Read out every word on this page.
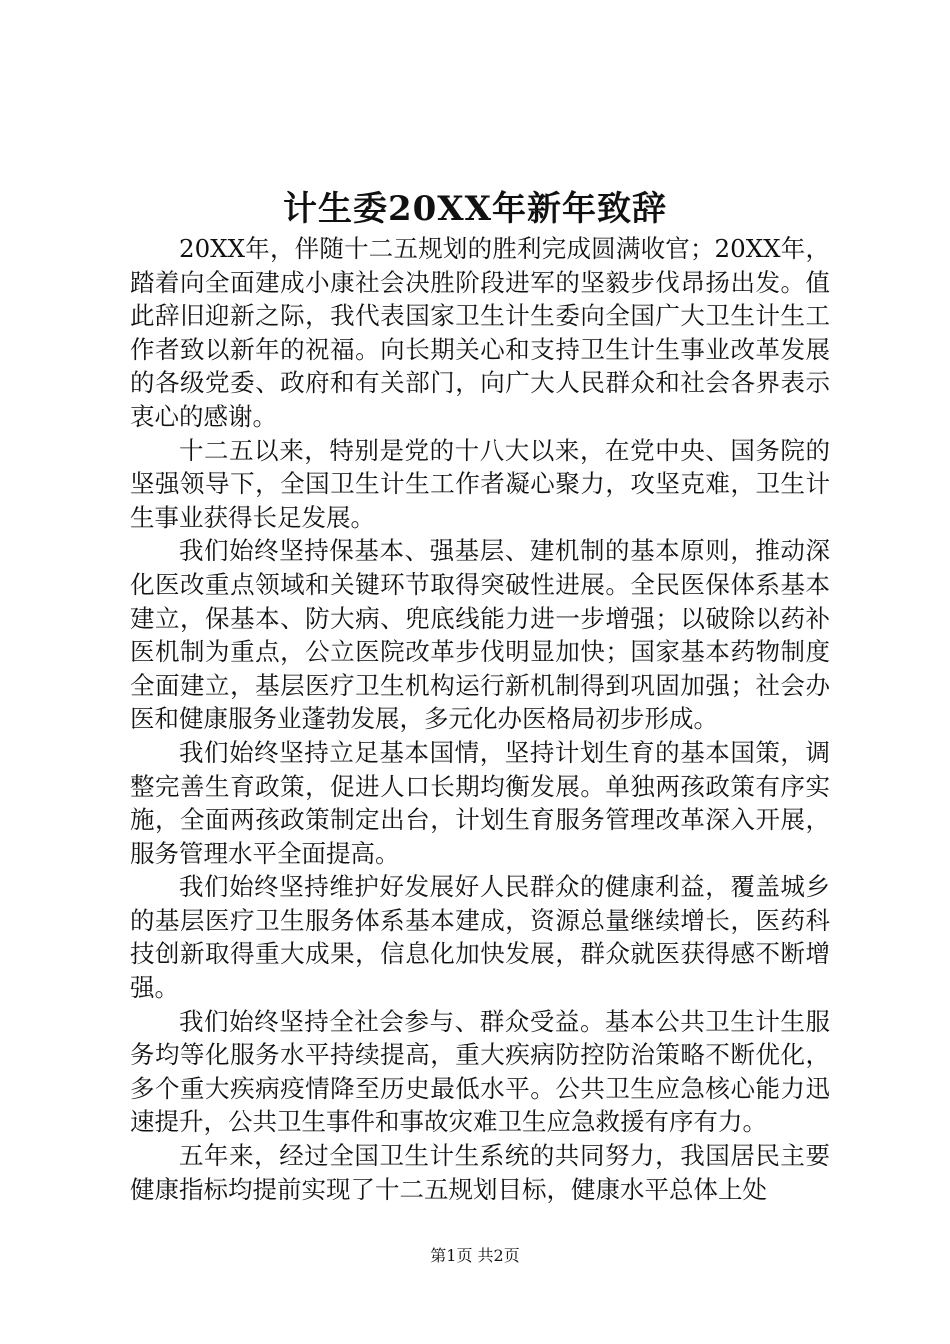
计生委20XX年新年致辞

20XX年，伴随十二五规划的胜利完成圆满收官；20XX年，踏着向全面建成小康社会决胜阶段进军的坚毅步伐昂扬出发。值此辞旧迎新之际，我代表国家卫生计生委向全国广大卫生计生工作者致以新年的祝福。向长期关心和支持卫生计生事业改革发展的各级党委、政府和有关部门，向广大人民群众和社会各界表示衷心的感谢。

十二五以来，特别是党的十八大以来，在党中央、国务院的坚强领导下，全国卫生计生工作者凝心聚力，攻坚克难，卫生计生事业获得长足发展。

我们始终坚持保基本、强基层、建机制的基本原则，推动深化医改重点领域和关键环节取得突破性进展。全民医保体系基本建立，保基本、防大病、兜底线能力进一步增强；以破除以药补医机制为重点，公立医院改革步伐明显加快；国家基本药物制度全面建立，基层医疗卫生机构运行新机制得到巩固加强；社会办医和健康服务业蓬勃发展，多元化办医格局初步形成。

我们始终坚持立足基本国情，坚持计划生育的基本国策，调整完善生育政策，促进人口长期均衡发展。单独两孩政策有序实施，全面两孩政策制定出台，计划生育服务管理改革深入开展，服务管理水平全面提高。

我们始终坚持维护好发展好人民群众的健康利益，覆盖城乡的基层医疗卫生服务体系基本建成，资源总量继续增长，医药科技创新取得重大成果，信息化加快发展，群众就医获得感不断增强。

我们始终坚持全社会参与、群众受益。基本公共卫生计生服务均等化服务水平持续提高，重大疾病防控防治策略不断优化，多个重大疾病疫情降至历史最低水平。公共卫生应急核心能力迅速提升，公共卫生事件和事故灾难卫生应急救援有序有力。

五年来，经过全国卫生计生系统的共同努力，我国居民主要健康指标均提前实现了十二五规划目标，健康水平总体上处

第1页 共2页
